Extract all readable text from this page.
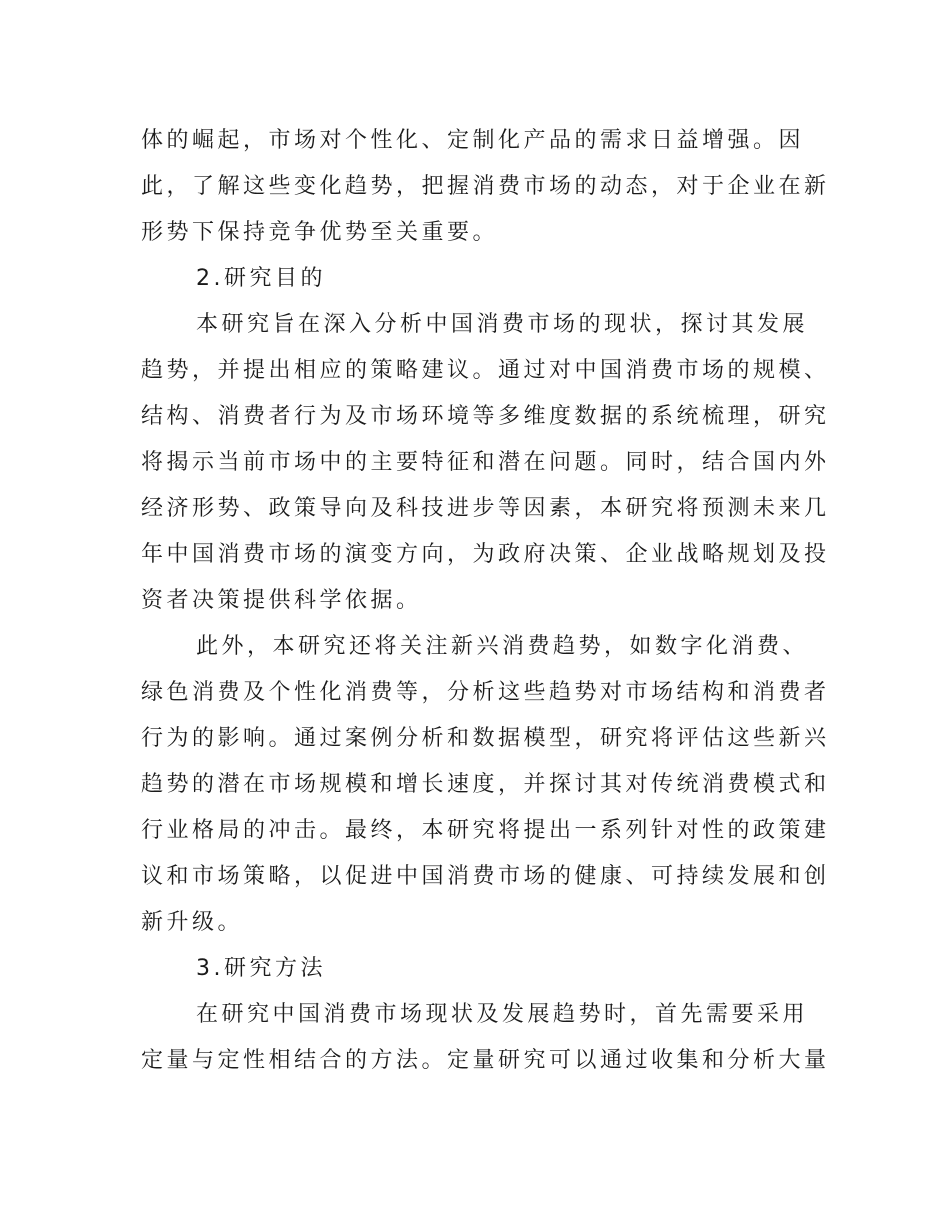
体的崛起，市场对个性化、定制化产品的需求日益增强。因
此，了解这些变化趋势，把握消费市场的动态，对于企业在新
形势下保持竞争优势至关重要。
2.研究目的
本研究旨在深入分析中国消费市场的现状，探讨其发展
趋势，并提出相应的策略建议。通过对中国消费市场的规模、
结构、消费者行为及市场环境等多维度数据的系统梳理，研究
将揭示当前市场中的主要特征和潜在问题。同时，结合国内外
经济形势、政策导向及科技进步等因素，本研究将预测未来几
年中国消费市场的演变方向，为政府决策、企业战略规划及投
资者决策提供科学依据。
此外，本研究还将关注新兴消费趋势，如数字化消费、
绿色消费及个性化消费等，分析这些趋势对市场结构和消费者
行为的影响。通过案例分析和数据模型，研究将评估这些新兴
趋势的潜在市场规模和增长速度，并探讨其对传统消费模式和
行业格局的冲击。最终，本研究将提出一系列针对性的政策建
议和市场策略，以促进中国消费市场的健康、可持续发展和创
新升级。
3.研究方法
在研究中国消费市场现状及发展趋势时，首先需要采用
定量与定性相结合的方法。定量研究可以通过收集和分析大量
